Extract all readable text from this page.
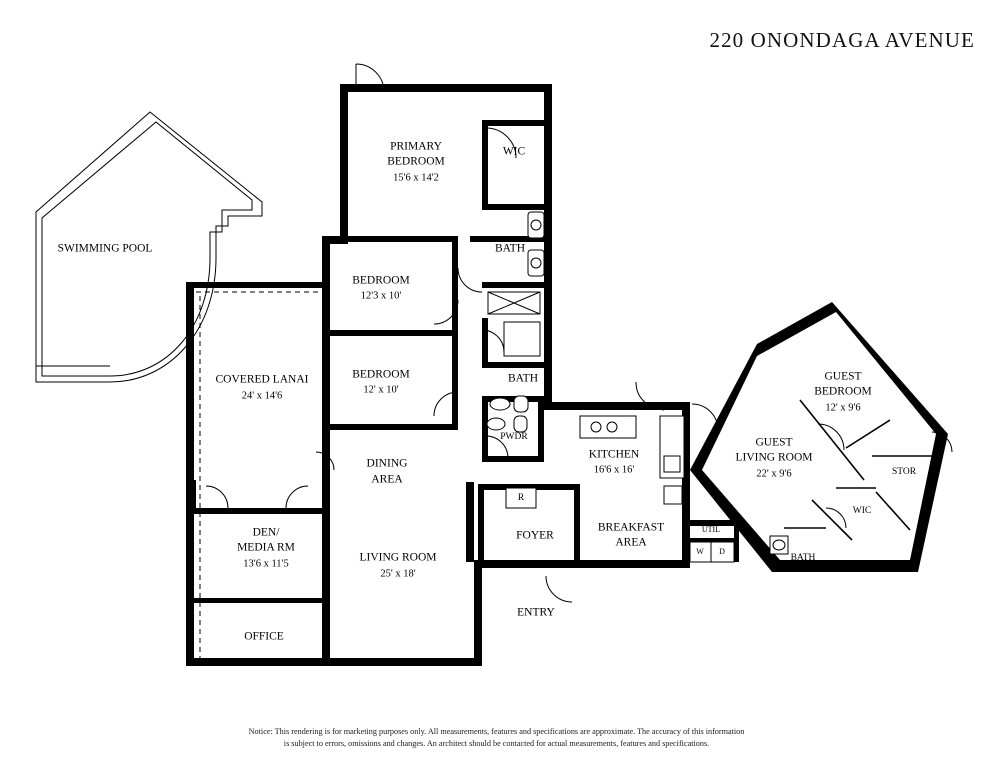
220 ONONDAGA AVENUE
SWIMMING POOL
PRIMARY
BEDROOM
15'6 x 14'2
WIC
BATH
BEDROOM
12'3 x 10'
BEDROOM
12' x 10'
BATH
COVERED LANAI
24' x 14'6
DINING
AREA
PWDR
KITCHEN
16'6 x 16'
DEN/
MEDIA RM
13'6 x 11'5
OFFICE
LIVING ROOM
25' x 18'
FOYER
ENTRY
BREAKFAST
AREA
UTIL
GUEST
LIVING ROOM
22' x 9'6
GUEST
BEDROOM
12' x 9'6
STOR
WIC
BATH
R
W D
Notice: This rendering is for marketing purposes only. All measurements, features and specifications are approximate. The accuracy of this information
is subject to errors, omissions and changes. An architect should be contacted for actual measurements, features and specifications.
